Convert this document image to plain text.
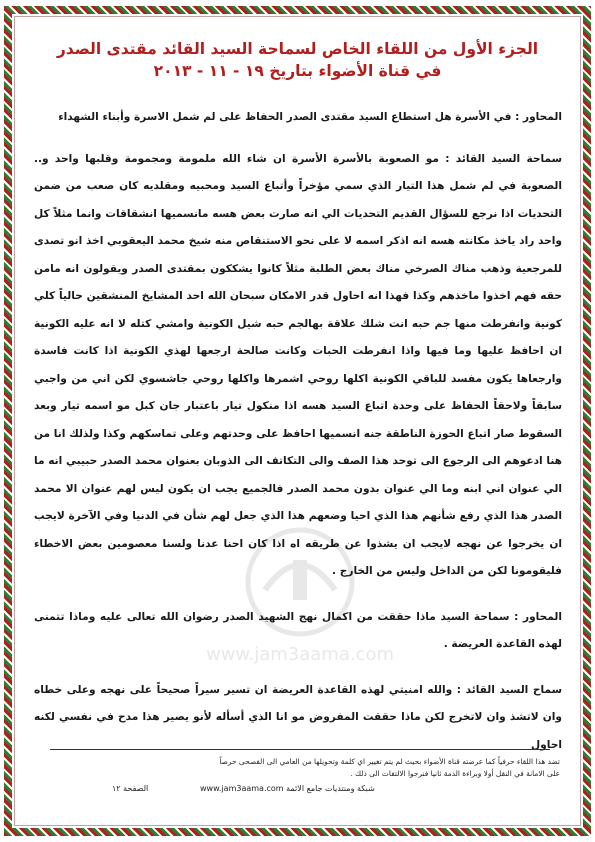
www.jam3aama.com
الجزء الأول من اللقاء الخاص لسماحة السيد القائد مقتدى الصدر
في قناة الأضواء بتاريخ ١٩ - ١١ - ٢٠١٣

المحاور : في الأسرة هل استطاع السيد مقتدى الصدر الحفاظ على لم شمل الاسرة وأبناء الشهداء

سماحة السيد القائد : مو الصعوبة بالأسرة الأسرة ان شاء الله ملمومة ومجمومة وقلبها واحد و.. الصعوبة في لم شمل هذا التيار الذي سمي مؤخراً وأتباع السيد ومحبيه ومقلديه كان صعب من ضمن التحديات اذا نرجع للسؤال القديم التحديات الي انه صارت بعض هسه مانسميها انشقاقات وانما مثلاً كل واحد راد ياخذ مكانته هسه انه اذكر اسمه لا على نحو الاستنقاص منه شيخ محمد اليعقوبي اخذ انو تصدى للمرجعية وذهب مناك الصرخي مناك بعض الطلبة مثلاً كانوا يشككون بمقتدى الصدر ويقولون انه مامن حقه فهم اخذوا ماخذهم وكذا فهذا انه احاول قدر الامكان سبحان الله احد المشايخ المنشقين حالياً كلي كونية وانفرطت منها جم حبه انت شلك علاقة بهالجم حبه شيل الكونية وامشي كتله لا انه عليه الكونية ان احافظ عليها وما فيها واذا انفرطت الحبات وكانت صالحة ارجعها لهذي الكونية اذا كانت فاسدة وارجعاها يكون مفسد للباقي الكونية اكلها روحي اشمرها واكلها روحي جاشسوي لكن اني من واجبي سابقاً ولاحقاً الحفاظ على وحدة اتباع السيد هسه اذا منكول تيار باعتبار جان كبل مو اسمه تيار وبعد السقوط صار اتباع الحوزة الناطقة جنه انسميها احافظ على وحدتهم وعلى تماسكهم وكذا ولذلك انا من هنا ادعوهم الى الرجوع الى توحد هذا الصف والى التكاتف الى الذوبان بعنوان محمد الصدر حبيبي انه ما الي عنوان اني ابنه وما الي عنوان بدون محمد الصدر فالجميع يجب ان يكون ليس لهم عنوان الا محمد الصدر هذا الذي رفع شأنهم هذا الذي احيا وضعهم هذا الذي جعل لهم شأن في الدنيا وفي الآخرة لايجب ان يخرجوا عن نهجه لايجب ان يشذوا عن طريقه اه اذا كان احنا عدنا ولسنا معصومين بعض الاخطاء فليقومونا لكن من الداخل وليس من الخارج .

المحاور : سماحة السيد ماذا حققت من اكمال نهج الشهيد الصدر رضوان الله تعالى عليه وماذا تتمنى لهذه القاعدة العريضة .

سماح السيد القائد : والله امنيتي لهذه القاعدة العريضة ان تسير سيراً صحيحاً على نهجه وعلى خطاه وان لاتشذ وان لاتخرج لكن ماذا حققت المفروض مو انا الذي أسأله لأنو يصير هذا مدح في نفسي لكنه احاول

تضد هذا اللقاء حرفياً كما عرضته قناة الأضواء بحيث لم يتم تغيير اي كلمة وتحويلها من العامي الى الفصحى حرصاً
على الامانة في النقل أولا وبراءة الذمة ثانيا فنرجوا الالتفات الى ذلك .
شبكة ومنتديات جامع الائمة www.jam3aama.com
الصفحة ١٢
